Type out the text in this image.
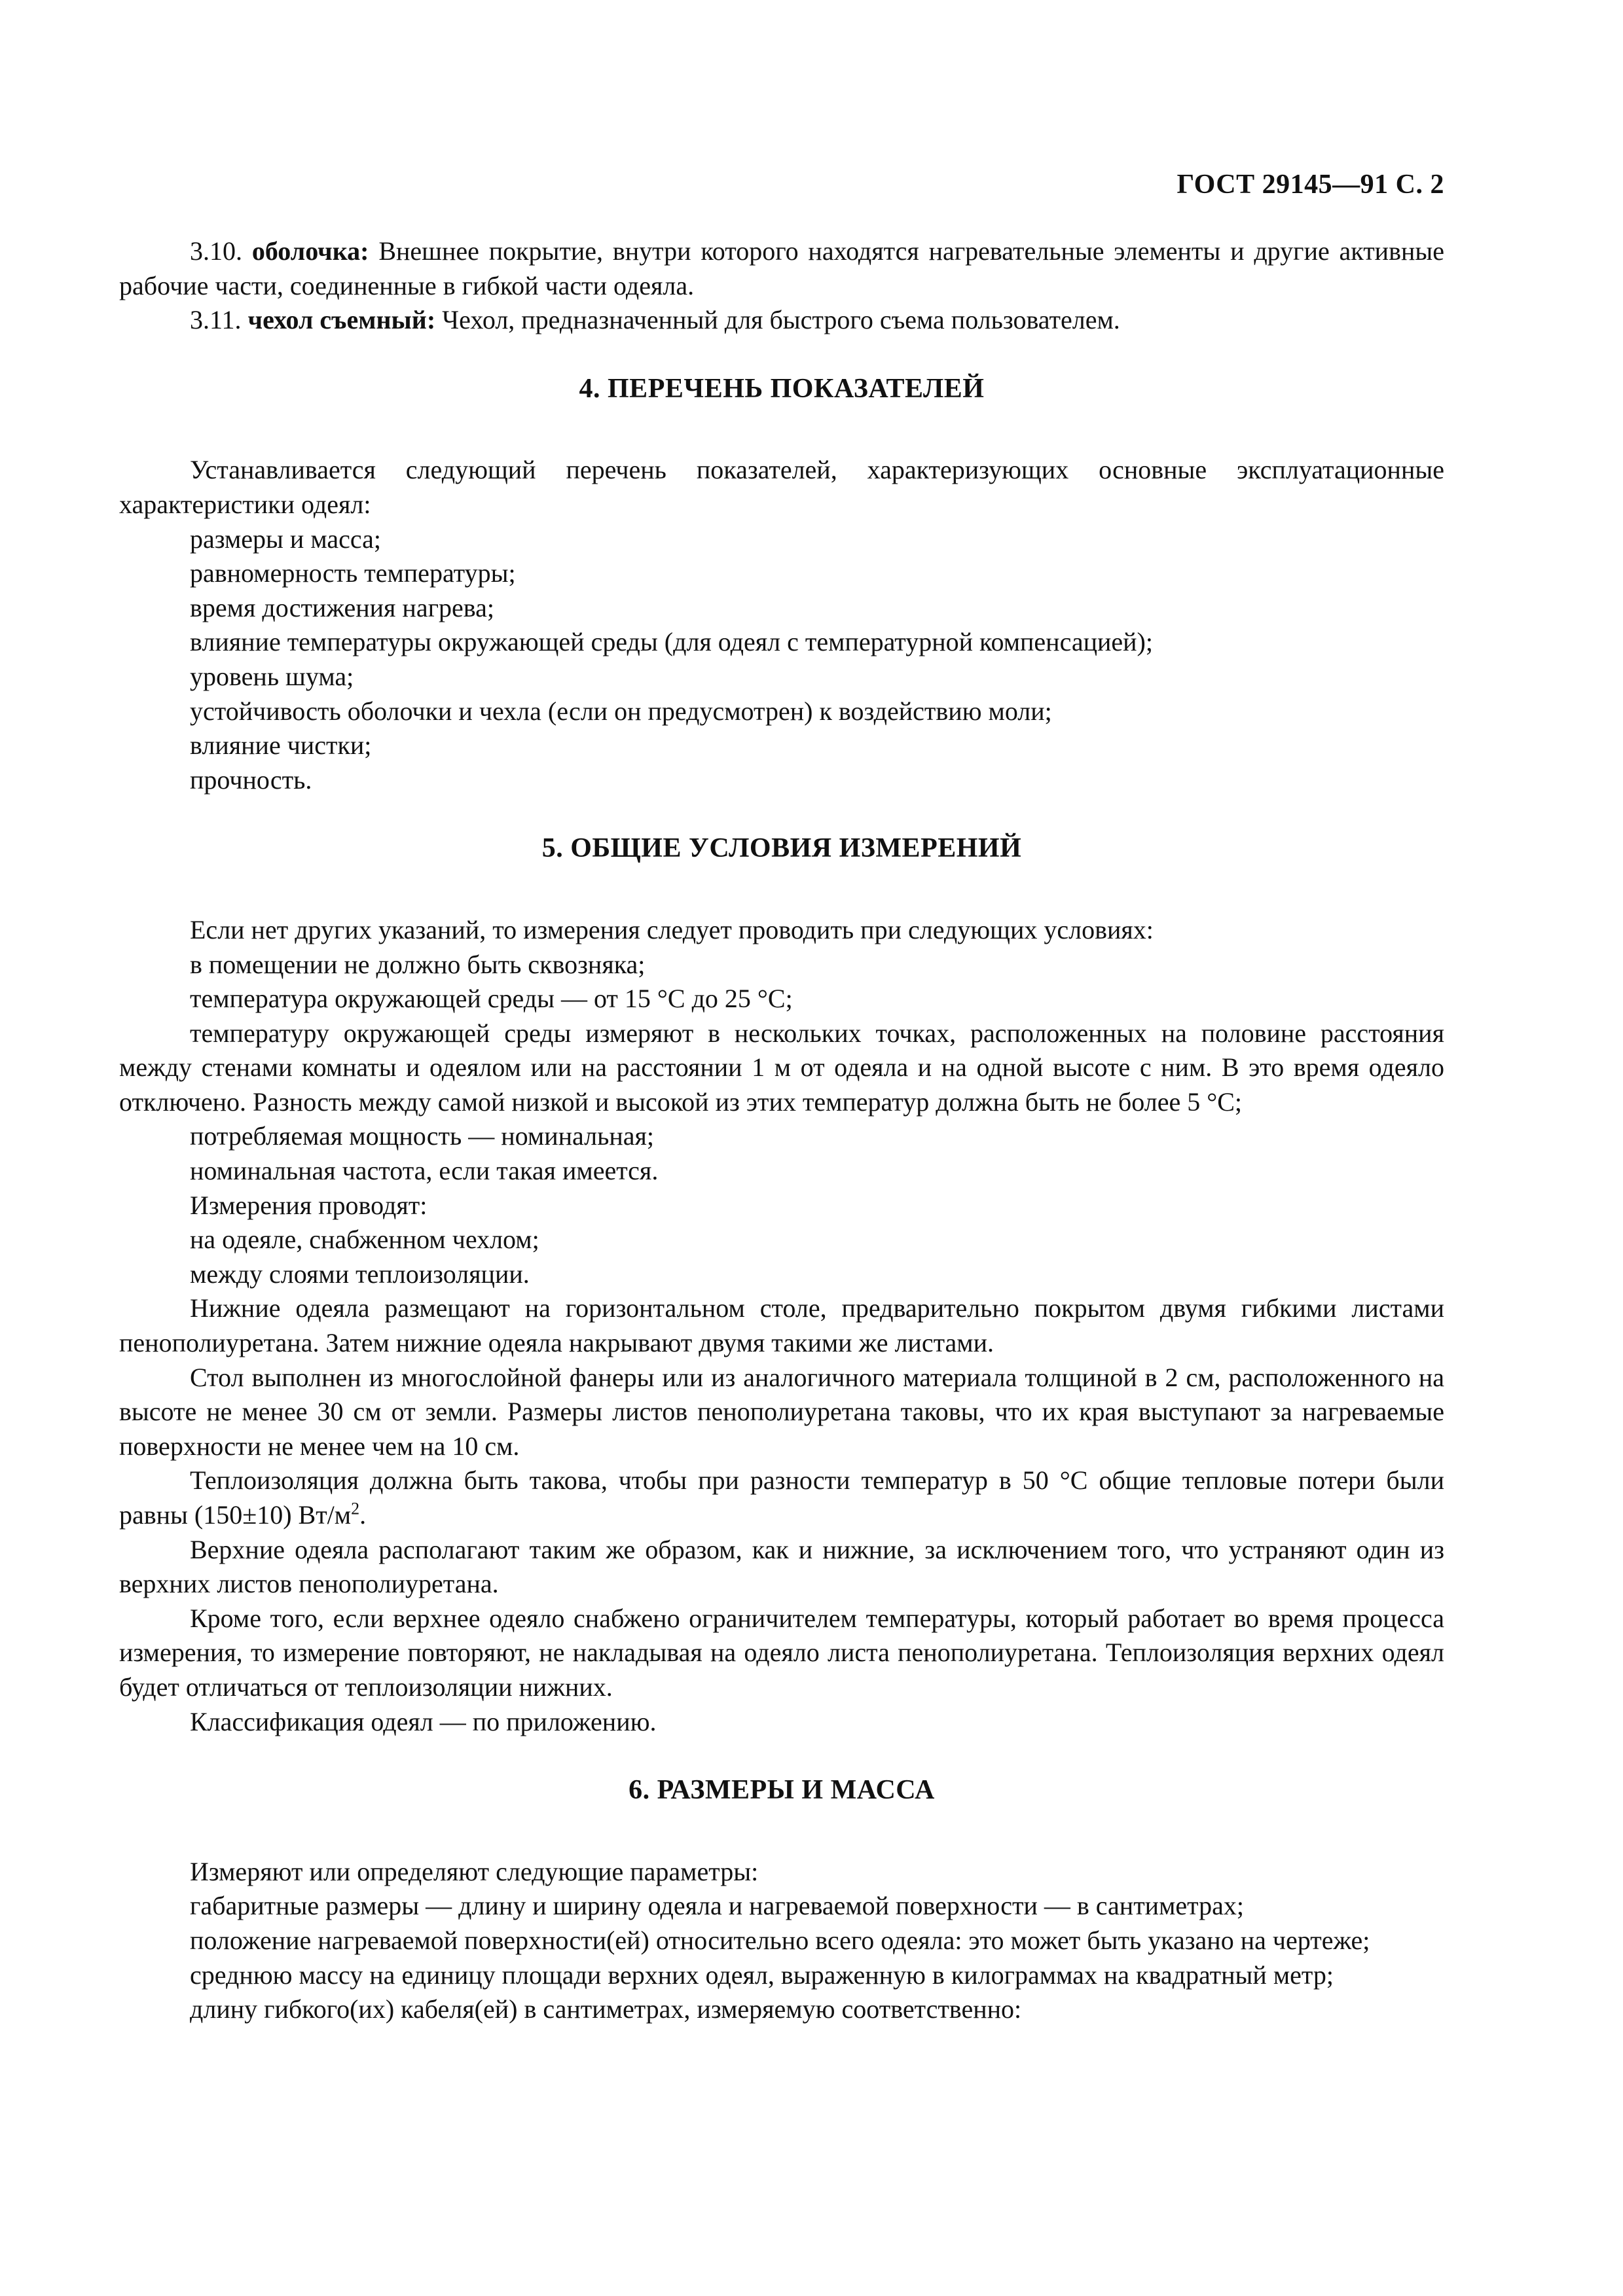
ГОСТ 29145—91 С. 2

3.10. оболочка: Внешнее покрытие, внутри которого находятся нагревательные элементы и другие активные рабочие части, соединенные в гибкой части одеяла.

3.11. чехол съемный: Чехол, предназначенный для быстрого съема пользователем.

4. ПЕРЕЧЕНЬ ПОКАЗАТЕЛЕЙ

Устанавливается следующий перечень показателей, характеризующих основные эксплуатационные характеристики одеял:

размеры и масса;

равномерность температуры;

время достижения нагрева;

влияние температуры окружающей среды (для одеял с температурной компенсацией);

уровень шума;

устойчивость оболочки и чехла (если он предусмотрен) к воздействию моли;

влияние чистки;

прочность.

5. ОБЩИЕ УСЛОВИЯ ИЗМЕРЕНИЙ

Если нет других указаний, то измерения следует проводить при следующих условиях:

в помещении не должно быть сквозняка;

температура окружающей среды — от 15 °С до 25 °С;

температуру окружающей среды измеряют в нескольких точках, расположенных на половине расстояния между стенами комнаты и одеялом или на расстоянии 1 м от одеяла и на одной высоте с ним. В это время одеяло отключено. Разность между самой низкой и высокой из этих температур должна быть не более 5 °С;

потребляемая мощность — номинальная;

номинальная частота, если такая имеется.

Измерения проводят:

на одеяле, снабженном чехлом;

между слоями теплоизоляции.

Нижние одеяла размещают на горизонтальном столе, предварительно покрытом двумя гибкими листами пенополиуретана. Затем нижние одеяла накрывают двумя такими же листами.

Стол выполнен из многослойной фанеры или из аналогичного материала толщиной в 2 см, расположенного на высоте не менее 30 см от земли. Размеры листов пенополиуретана таковы, что их края выступают за нагреваемые поверхности не менее чем на 10 см.

Теплоизоляция должна быть такова, чтобы при разности температур в 50 °С общие тепловые потери были равны (150±10) $Вт/м^2$.

Верхние одеяла располагают таким же образом, как и нижние, за исключением того, что устраняют один из верхних листов пенополиуретана.

Кроме того, если верхнее одеяло снабжено ограничителем температуры, который работает во время процесса измерения, то измерение повторяют, не накладывая на одеяло листа пенополиуретана. Теплоизоляция верхних одеял будет отличаться от теплоизоляции нижних.

Классификация одеял — по приложению.

6. РАЗМЕРЫ И МАССА

Измеряют или определяют следующие параметры:

габаритные размеры — длину и ширину одеяла и нагреваемой поверхности — в сантиметрах;

положение нагреваемой поверхности(ей) относительно всего одеяла: это может быть указано на чертеже;

среднюю массу на единицу площади верхних одеял, выраженную в килограммах на квадратный метр;

длину гибкого(их) кабеля(ей) в сантиметрах, измеряемую соответственно:
